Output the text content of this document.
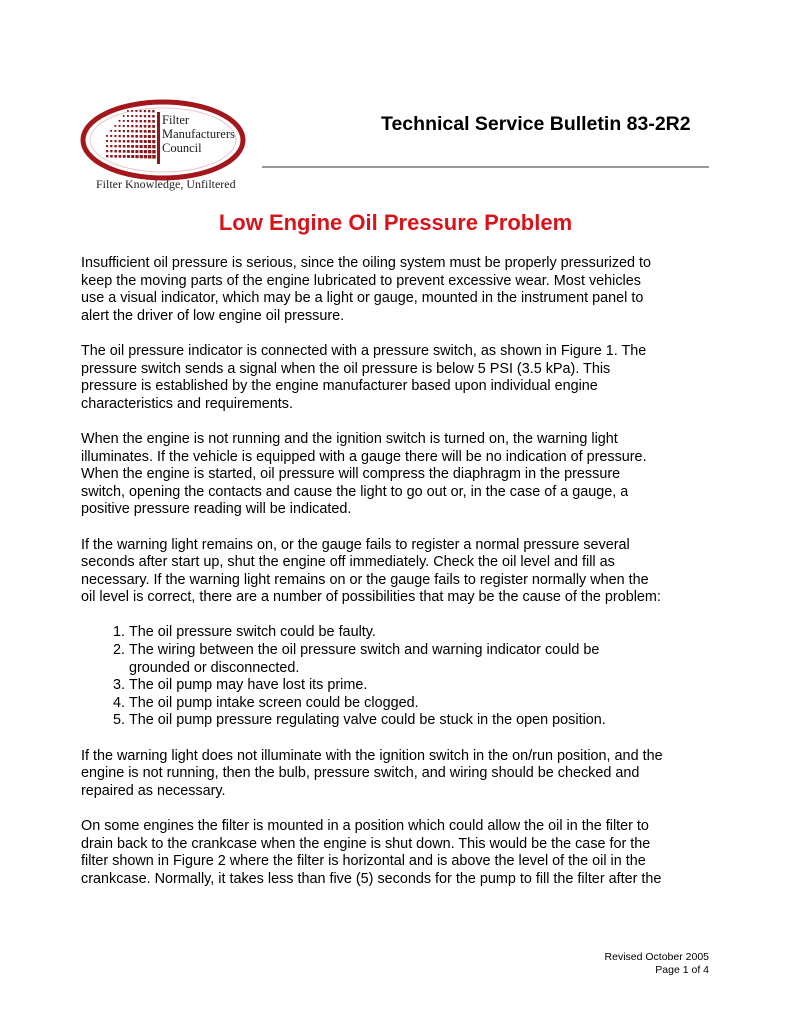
Filter
Manufacturers
Council
Filter Knowledge, Unfiltered
Technical Service Bulletin 83-2R2
Low Engine Oil Pressure Problem

Insufficient oil pressure is serious, since the oiling system must be properly pressurized to
keep the moving parts of the engine lubricated to prevent excessive wear. Most vehicles
use a visual indicator, which may be a light or gauge, mounted in the instrument panel to
alert the driver of low engine oil pressure.

The oil pressure indicator is connected with a pressure switch, as shown in Figure 1. The
pressure switch sends a signal when the oil pressure is below 5 PSI (3.5 kPa). This
pressure is established by the engine manufacturer based upon individual engine
characteristics and requirements.

When the engine is not running and the ignition switch is turned on, the warning light
illuminates. If the vehicle is equipped with a gauge there will be no indication of pressure.
When the engine is started, oil pressure will compress the diaphragm in the pressure
switch, opening the contacts and cause the light to go out or, in the case of a gauge, a
positive pressure reading will be indicated.

If the warning light remains on, or the gauge fails to register a normal pressure several
seconds after start up, shut the engine off immediately. Check the oil level and fill as
necessary. If the warning light remains on or the gauge fails to register normally when the
oil level is correct, there are a number of possibilities that may be the cause of the problem:

1. The oil pressure switch could be faulty.
2. The wiring between the oil pressure switch and warning indicator could be
grounded or disconnected.
3. The oil pump may have lost its prime.
4. The oil pump intake screen could be clogged.
5. The oil pump pressure regulating valve could be stuck in the open position.

If the warning light does not illuminate with the ignition switch in the on/run position, and the
engine is not running, then the bulb, pressure switch, and wiring should be checked and
repaired as necessary.

On some engines the filter is mounted in a position which could allow the oil in the filter to
drain back to the crankcase when the engine is shut down. This would be the case for the
filter shown in Figure 2 where the filter is horizontal and is above the level of the oil in the
crankcase. Normally, it takes less than five (5) seconds for the pump to fill the filter after the

Revised October 2005
Page 1 of 4
